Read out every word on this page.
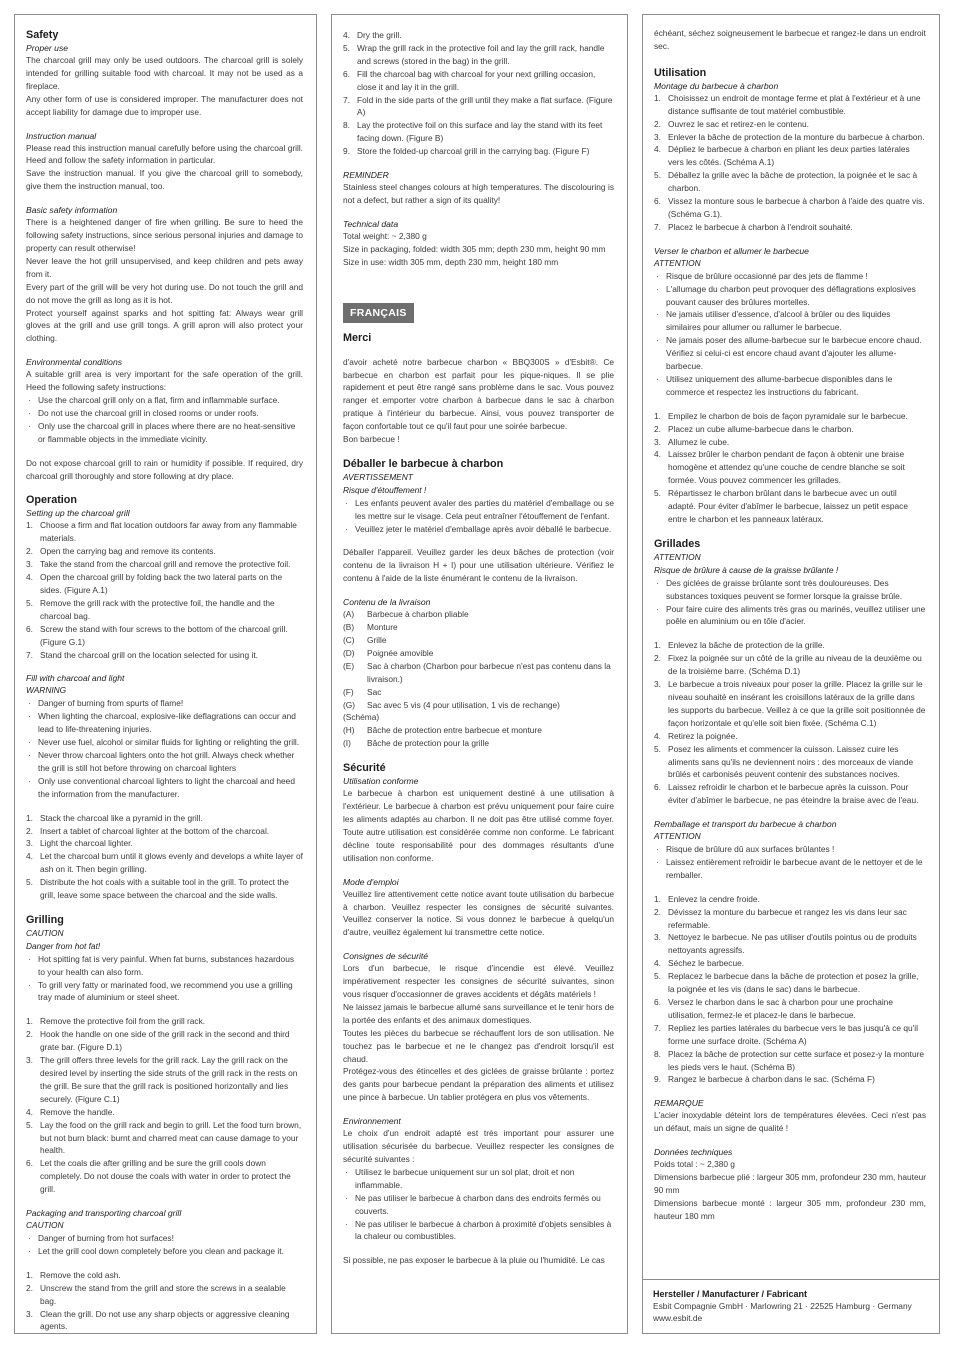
Safety
Proper use

The charcoal grill may only be used outdoors. The charcoal grill is solely intended for grilling suitable food with charcoal. It may not be used as a fireplace.

Any other form of use is considered improper. The manufacturer does not accept liability for damage due to improper use.

Instruction manual

Please read this instruction manual carefully before using the charcoal grill. Heed and follow the safety information in particular.

Save the instruction manual. If you give the charcoal grill to somebody, give them the instruction manual, too.

Basic safety information

There is a heightened danger of fire when grilling. Be sure to heed the following safety instructions, since serious personal injuries and damage to property can result otherwise!

Never leave the hot grill unsupervised, and keep children and pets away from it.

Every part of the grill will be very hot during use. Do not touch the grill and do not move the grill as long as it is hot.

Protect yourself against sparks and hot spitting fat: Always wear grill gloves at the grill and use grill tongs. A grill apron will also protect your clothing.

Environmental conditions

A suitable grill area is very important for the safe operation of the grill. Heed the following safety instructions:

· Use the charcoal grill only on a flat, firm and inflammable surface.
· Do not use the charcoal grill in closed rooms or under roofs.
· Only use the charcoal grill in places where there are no heat-sensitive or flammable objects in the immediate vicinity.

Do not expose charcoal grill to rain or humidity if possible. If required, dry charcoal grill thoroughly and store following at dry place.

Operation
Setting up the charcoal grill
1. Choose a firm and flat location outdoors far away from any flammable materials.
2. Open the carrying bag and remove its contents.
3. Take the stand from the charcoal grill and remove the protective foil.
4. Open the charcoal grill by folding back the two lateral parts on the sides. (Figure A.1)
5. Remove the grill rack with the protective foil, the handle and the charcoal bag.
6. Screw the stand with four screws to the bottom of the charcoal grill. (Figure G.1)
7. Stand the charcoal grill on the location selected for using it.
Fill with charcoal and light

WARNING

· Danger of burning from spurts of flame!
· When lighting the charcoal, explosive-like deflagrations can occur and lead to life-threatening injuries.
· Never use fuel, alcohol or similar fluids for lighting or relighting the grill.
· Never throw charcoal lighters onto the hot grill. Always check whether the grill is still hot before throwing on charcoal lighters
· Only use conventional charcoal lighters to light the charcoal and heed the information from the manufacturer.
1. Stack the charcoal like a pyramid in the grill.
2. Insert a tablet of charcoal lighter at the bottom of the charcoal.
3. Light the charcoal lighter.
4. Let the charcoal burn until it glows evenly and develops a white layer of ash on it. Then begin grilling.
5. Distribute the hot coals with a suitable tool in the grill. To protect the grill, leave some space between the charcoal and the side walls.
Grilling

CAUTION

Danger from hot fat!

· Hot spitting fat is very painful. When fat burns, substances hazardous to your health can also form.
· To grill very fatty or marinated food, we recommend you use a grilling tray made of aluminium or steel sheet.
1. Remove the protective foil from the grill rack.
2. Hook the handle on one side of the grill rack in the second and third grate bar. (Figure D.1)
3. The grill offers three levels for the grill rack. Lay the grill rack on the desired level by inserting the side struts of the grill rack in the rests on the grill. Be sure that the grill rack is positioned horizontally and lies securely. (Figure C.1)
4. Remove the handle.
5. Lay the food on the grill rack and begin to grill. Let the food turn brown, but not burn black: burnt and charred meat can cause damage to your health.
6. Let the coals die after grilling and be sure the grill cools down completely. Do not douse the coals with water in order to protect the grill.
Packaging and transporting charcoal grill

CAUTION

· Danger of burning from hot surfaces!
· Let the grill cool down completely before you clean and package it.
1. Remove the cold ash.
2. Unscrew the stand from the grill and store the screws in a sealable bag.
3. Clean the grill. Do not use any sharp objects or aggressive cleaning agents.
4. Dry the grill.
5. Wrap the grill rack in the protective foil and lay the grill rack, handle and screws (stored in the bag) in the grill.
6. Fill the charcoal bag with charcoal for your next grilling occasion, close it and lay it in the grill.
7. Fold in the side parts of the grill until they make a flat surface. (Figure A)
8. Lay the protective foil on this surface and lay the stand with its feet facing down. (Figure B)
9. Store the folded-up charcoal grill in the carrying bag. (Figure F)
REMINDER

Stainless steel changes colours at high temperatures. The discolouring is not a defect, but rather a sign of its quality!

Technical data

Total weight: ~ 2,380 g

Size in packaging, folded: width 305 mm; depth 230 mm, height 90 mm

Size in use: width 305 mm, depth 230 mm, height 180 mm

FRANÇAIS
Merci

d'avoir acheté notre barbecue charbon « BBQ300S » d'Esbit®. Ce barbecue en charbon est parfait pour les pique-niques. Il se plie rapidement et peut être rangé sans problème dans le sac. Vous pouvez ranger et emporter votre charbon à barbecue dans le sac à charbon pratique à l'intérieur du barbecue. Ainsi, vous pouvez transporter de façon confortable tout ce qu'il faut pour une soirée barbecue.

Bon barbecue !

Déballer le barbecue à charbon

AVERTISSEMENT

Risque d'étouffement !

· Les enfants peuvent avaler des parties du matériel d'emballage ou se les mettre sur le visage. Cela peut entraîner l'étouffement de l'enfant.
· Veuillez jeter le matériel d'emballage après avoir déballé le barbecue.

Déballer l'appareil. Veuillez garder les deux bâches de protection (voir contenu de la livraison H + I) pour une utilisation ultérieure. Vérifiez le contenu à l'aide de la liste énumérant le contenu de la livraison.

Contenu de la livraison
(A) Barbecue à charbon pliable
(B) Monture
(C) Grille
(D) Poignée amovible
(E) Sac à charbon (Charbon pour barbecue n'est pas contenu dans la livraison.)
(F) Sac
(G) Sac avec 5 vis (4 pour utilisation, 1 vis de rechange)

(Schéma)

(H) Bâche de protection entre barbecue et monture
(I) Bâche de protection pour la grille
Sécurité
Utilisation conforme

Le barbecue à charbon est uniquement destiné à une utilisation à l'extérieur. Le barbecue à charbon est prévu uniquement pour faire cuire les aliments adaptés au charbon. Il ne doit pas être utilisé comme foyer. Toute autre utilisation est considérée comme non conforme. Le fabricant décline toute responsabilité pour des dommages résultants d'une utilisation non conforme.

Mode d'emploi

Veuillez lire attentivement cette notice avant toute utilisation du barbecue à charbon. Veuillez respecter les consignes de sécurité suivantes. Veuillez conserver la notice. Si vous donnez le barbecue à quelqu'un d'autre, veuillez également lui transmettre cette notice.

Consignes de sécurité

Lors d'un barbecue, le risque d'incendie est élevé. Veuillez impérativement respecter les consignes de sécurité suivantes, sinon vous risquer d'occasionner de graves accidents et dégâts matériels !

Ne laissez jamais le barbecue allumé sans surveillance et le tenir hors de la portée des enfants et des animaux domestiques.

Toutes les pièces du barbecue se réchauffent lors de son utilisation. Ne touchez pas le barbecue et ne le changez pas d'endroit lorsqu'il est chaud.

Protégez-vous des étincelles et des giclées de graisse brûlante : portez des gants pour barbecue pendant la préparation des aliments et utilisez une pince à barbecue. Un tablier protégera en plus vos vêtements.

Environnement

Le choix d'un endroit adapté est très important pour assurer une utilisation sécurisée du barbecue. Veuillez respecter les consignes de sécurité suivantes :

· Utilisez le barbecue uniquement sur un sol plat, droit et non inflammable.
· Ne pas utiliser le barbecue à charbon dans des endroits fermés ou couverts.
· Ne pas utiliser le barbecue à charbon à proximité d'objets sensibles à la chaleur ou combustibles.

Si possible, ne pas exposer le barbecue à la pluie ou l'humidité. Le cas

échéant, séchez soigneusement le barbecue et rangez-le dans un endroit sec.

Utilisation
Montage du barbecue à charbon
1. Choisissez un endroit de montage ferme et plat à l'extérieur et à une distance suffisante de tout matériel combustible.
2. Ouvrez le sac et retirez-en le contenu.
3. Enlever la bâche de protection de la monture du barbecue à charbon.
4. Dépliez le barbecue à charbon en pliant les deux parties latérales vers les côtés. (Schéma A.1)
5. Déballez la grille avec la bâche de protection, la poignée et le sac à charbon.
6. Vissez la monture sous le barbecue à charbon à l'aide des quatre vis. (Schéma G.1).
7. Placez le barbecue à charbon à l'endroit souhaité.
Verser le charbon et allumer le barbecue

ATTENTION

· Risque de brûlure occasionné par des jets de flamme !
· L'allumage du charbon peut provoquer des déflagrations explosives pouvant causer des brûlures mortelles.
· Ne jamais utiliser d'essence, d'alcool à brûler ou des liquides similaires pour allumer ou rallumer le barbecue.
· Ne jamais poser des allume-barbecue sur le barbecue encore chaud. Vérifiez si celui-ci est encore chaud avant d'ajouter les allume-barbecue.
· Utilisez uniquement des allume-barbecue disponibles dans le commerce et respectez les instructions du fabricant.
1. Empilez le charbon de bois de façon pyramidale sur le barbecue.
2. Placez un cube allume-barbecue dans le charbon.
3. Allumez le cube.
4. Laissez brûler le charbon pendant de façon à obtenir une braise homogène et attendez qu'une couche de cendre blanche se soit formée. Vous pouvez commencer les grillades.
5. Répartissez le charbon brûlant dans le barbecue avec un outil adapté. Pour éviter d'abîmer le barbecue, laissez un petit espace entre le charbon et les panneaux latéraux.
Grillades

ATTENTION

Risque de brûlure à cause de la graisse brûlante !

· Des giclées de graisse brûlante sont très douloureuses. Des substances toxiques peuvent se former lorsque la graisse brûle.
· Pour faire cuire des aliments très gras ou marinés, veuillez utiliser une poêle en aluminium ou en tôle d'acier.
1. Enlevez la bâche de protection de la grille.
2. Fixez la poignée sur un côté de la grille au niveau de la deuxième ou de la troisième barre. (Schéma D.1)
3. Le barbecue a trois niveaux pour poser la grille. Placez la grille sur le niveau souhaité en insérant les croisillons latéraux de la grille dans les supports du barbecue. Veillez à ce que la grille soit positionnée de façon horizontale et qu'elle soit bien fixée. (Schéma C.1)
4. Retirez la poignée.
5. Posez les aliments et commencer la cuisson. Laissez cuire les aliments sans qu'ils ne deviennent noirs : des morceaux de viande brûlés et carbonisés peuvent contenir des substances nocives.
6. Laissez refroidir le charbon et le barbecue après la cuisson. Pour éviter d'abîmer le barbecue, ne pas éteindre la braise avec de l'eau.
Remballage et transport du barbecue à charbon

ATTENTION

· Risque de brûlure dû aux surfaces brûlantes !
· Laissez entièrement refroidir le barbecue avant de le nettoyer et de le remballer.
1. Enlevez la cendre froide.
2. Dévissez la monture du barbecue et rangez les vis dans leur sac refermable.
3. Nettoyez le barbecue. Ne pas utiliser d'outils pointus ou de produits nettoyants agressifs.
4. Séchez le barbecue.
5. Replacez le barbecue dans la bâche de protection et posez la grille, la poignée et les vis (dans le sac) dans le barbecue.
6. Versez le charbon dans le sac à charbon pour une prochaine utilisation, fermez-le et placez-le dans le barbecue.
7. Repliez les parties latérales du barbecue vers le bas jusqu'à ce qu'il forme une surface droite. (Schéma A)
8. Placez la bâche de protection sur cette surface et posez-y la monture les pieds vers le haut. (Schéma B)
9. Rangez le barbecue à charbon dans le sac. (Schéma F)
REMARQUE

L'acier inoxydable déteint lors de températures élevées. Ceci n'est pas un défaut, mais un signe de qualité !

Données techniques

Poids total : ~ 2,380 g

Dimensions barbecue plié : largeur 305 mm, profondeur 230 mm, hauteur 90 mm

Dimensions barbecue monté : largeur 305 mm, profondeur 230 mm, hauteur 180 mm

Hersteller / Manufacturer / Fabricant
Esbit Compagnie GmbH · Marlowring 21 · 22525 Hamburg · Germany
www.esbit.de
